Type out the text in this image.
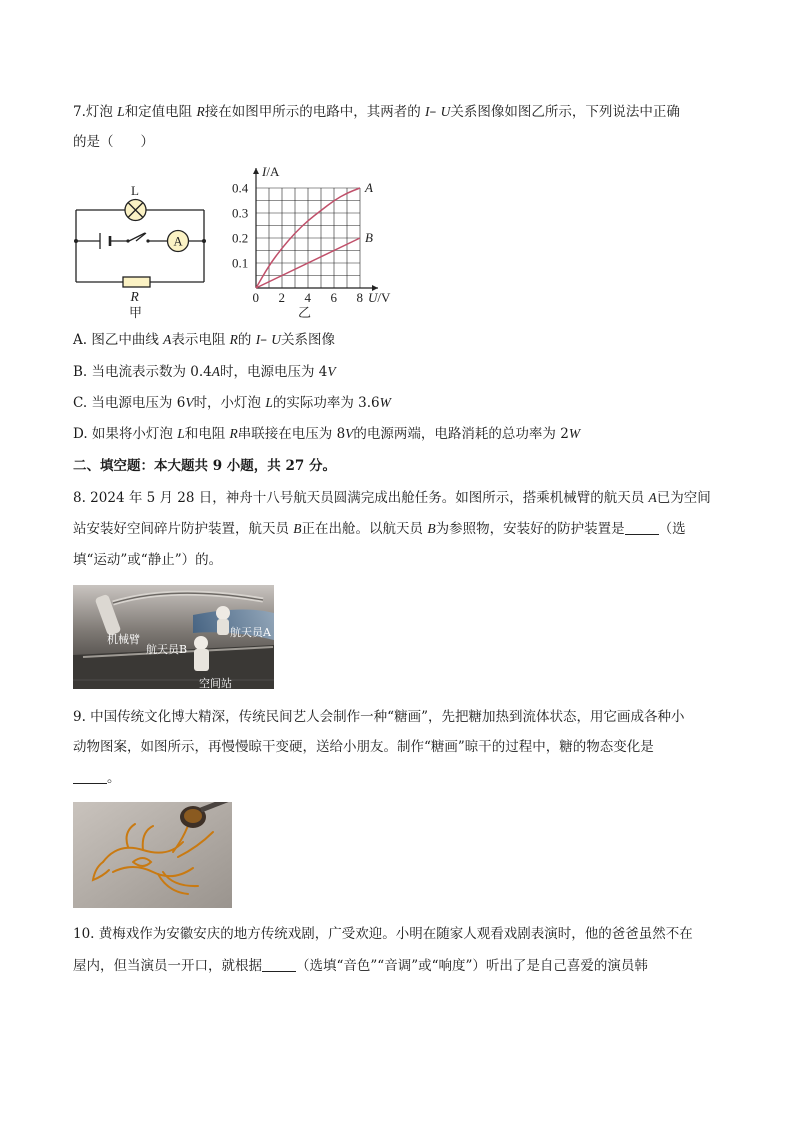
7.灯泡 L和定值电阻 R接在如图甲所示的电路中，其两者的 I– U关系图像如图乙所示，下列说法中正确
的是（　　）
L
A
R
甲
I/A
U/V
0 2 4 6 8
0.1
0.2
0.3
0.4	A
B
乙
A. 图乙中曲线 A表示电阻 R的 I– U关系图像
B. 当电流表示数为 0.4A时，电源电压为 4V
C. 当电源电压为 6V时，小灯泡 L的实际功率为 3.6W
D. 如果将小灯泡 L和电阻 R串联接在电压为 8V的电源两端，电路消耗的总功率为 2W
二、填空题：本大题共 9 小题，共 27 分。
8. 2024 年 5 月 28 日，神舟十八号航天员圆满完成出舱任务。如图所示，搭乘机械臂的航天员 A已为空间
站安装好空间碎片防护装置，航天员 B正在出舱。以航天员 B为参照物，安装好的防护装置是	（选
填“运动”或“静止”）的。
机械臂
航天员A
航天员B
空间站
9. 中国传统文化博大精深，传统民间艺人会制作一种“糖画”，先把糖加热到流体状态，用它画成各种小
动物图案，如图所示，再慢慢晾干变硬，送给小朋友。制作“糖画”晾干的过程中，糖的物态变化是
。
10. 黄梅戏作为安徽安庆的地方传统戏剧，广受欢迎。小明在随家人观看戏剧表演时，他的爸爸虽然不在
屋内，但当演员一开口，就根据	（选填“音色”“音调”或“响度”）听出了是自己喜爱的演员韩
